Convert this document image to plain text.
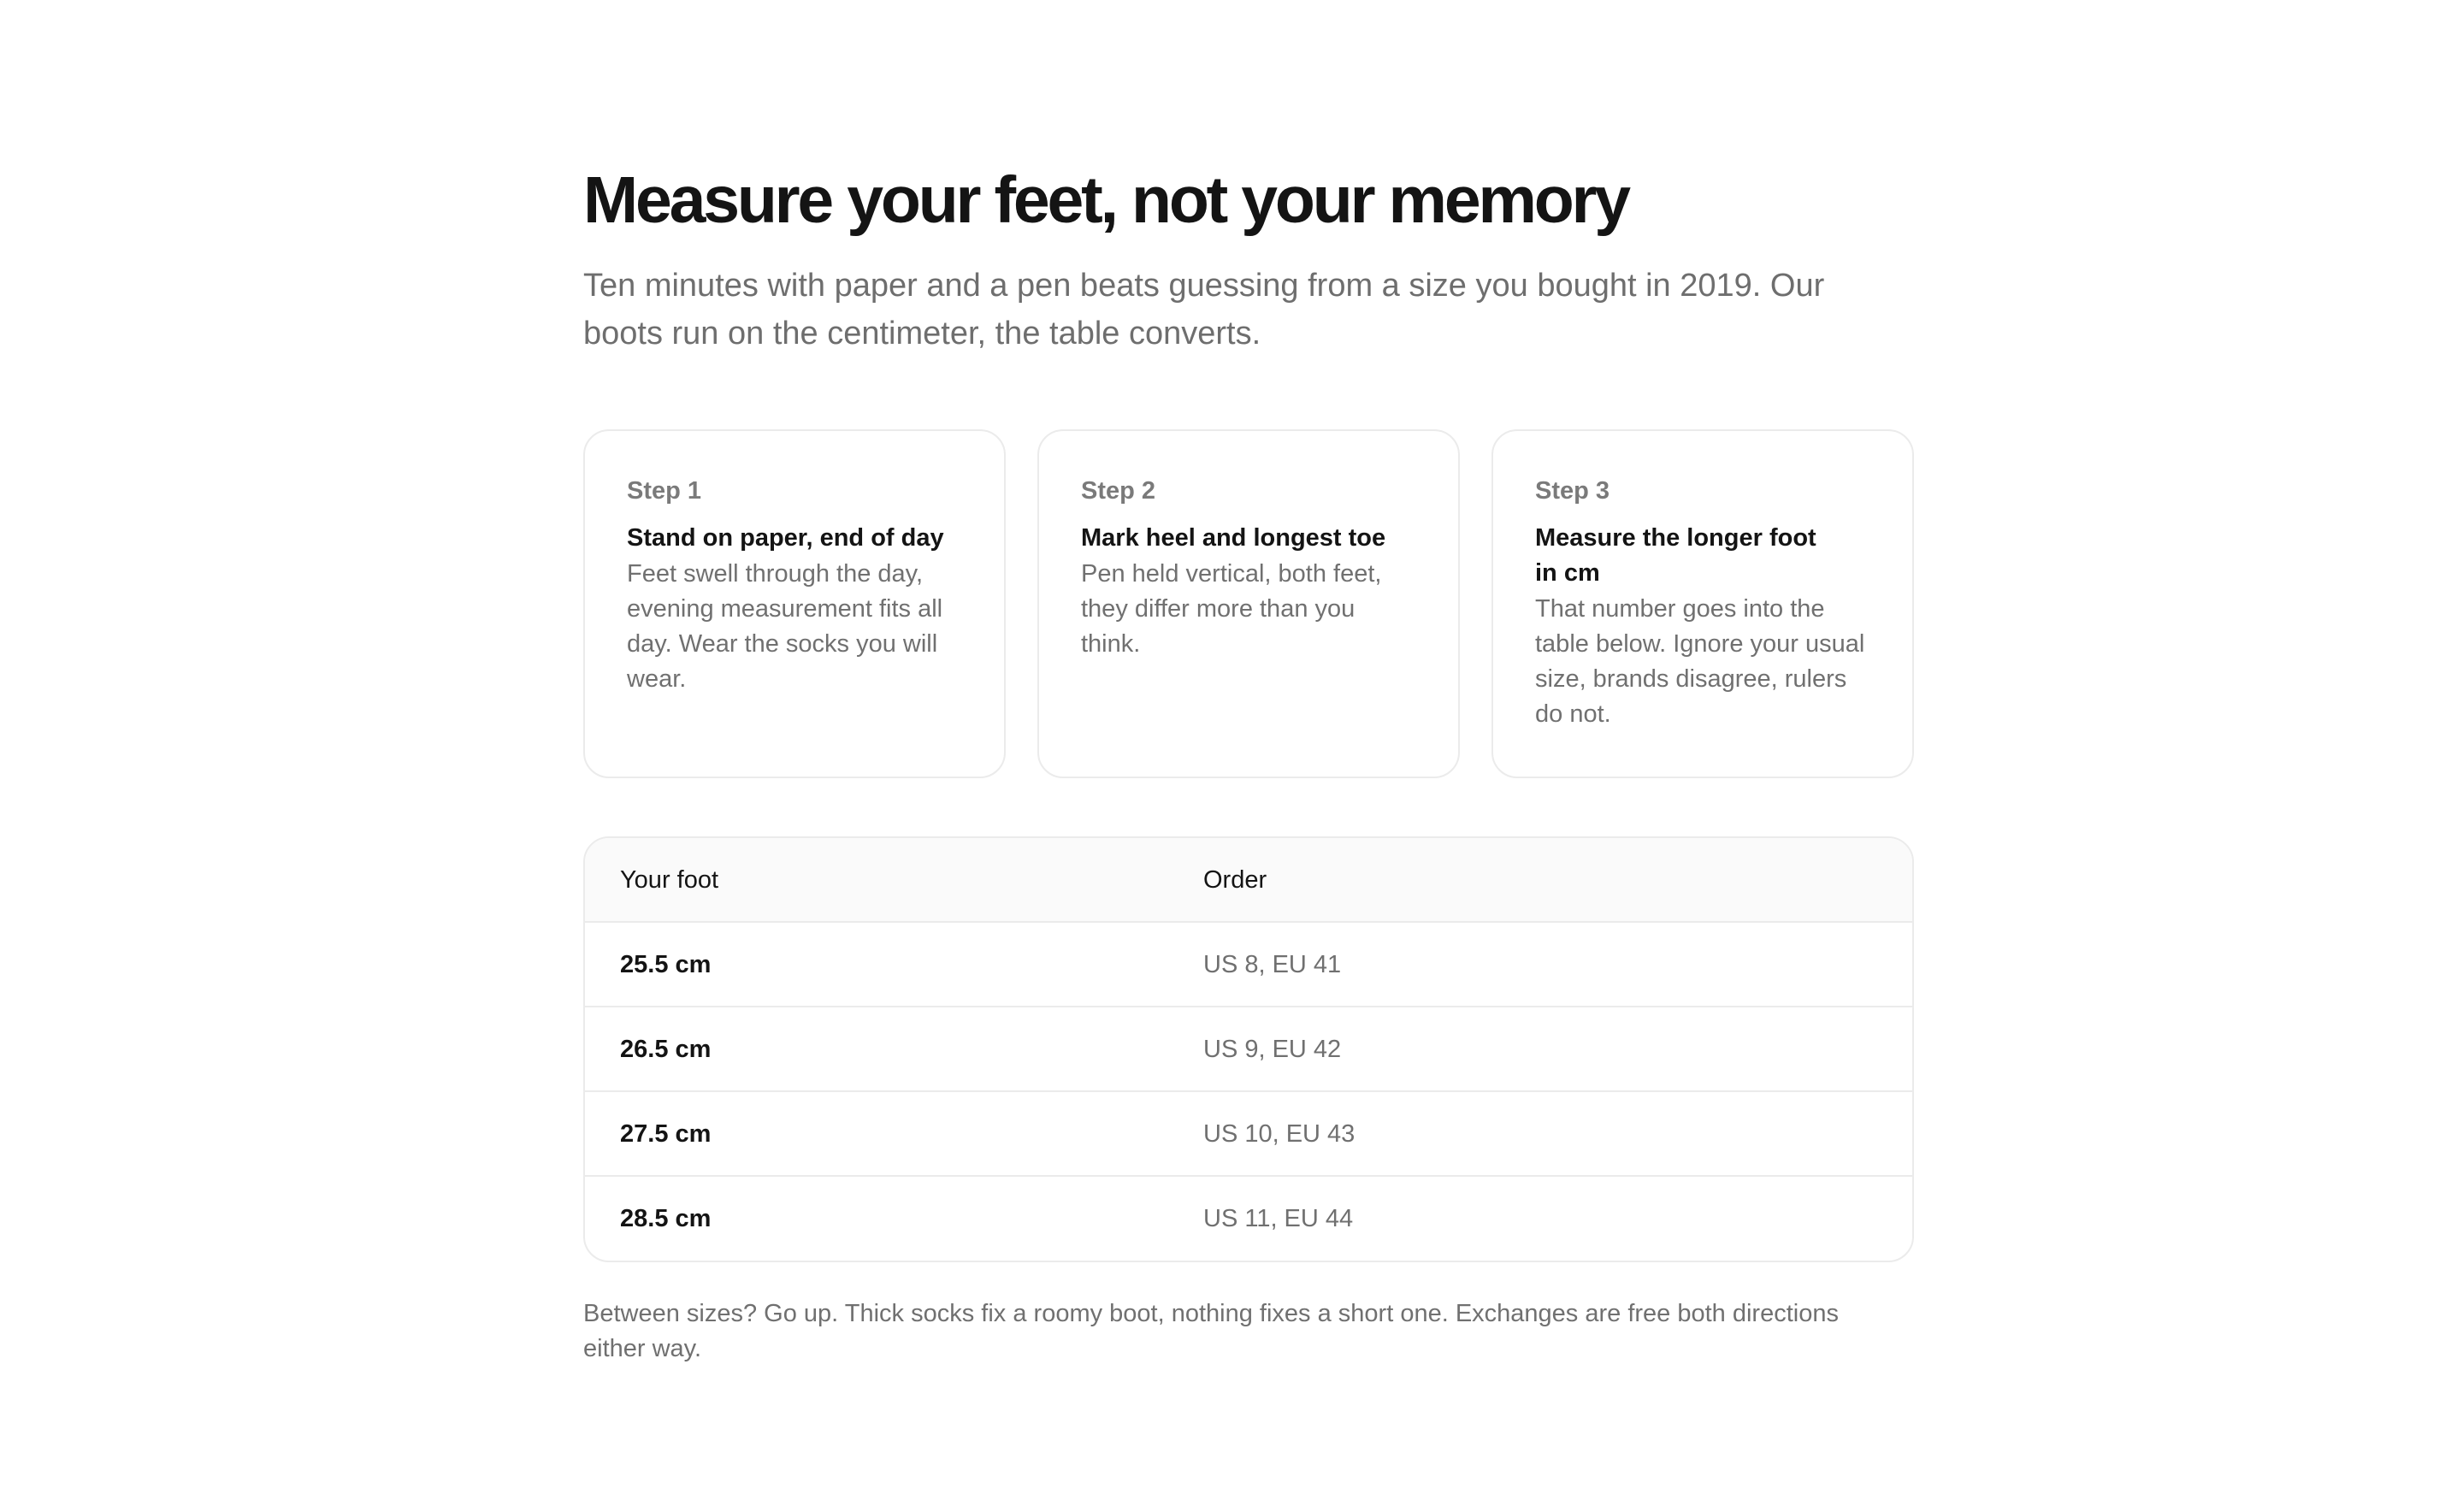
Measure your feet, not your memory

Ten minutes with paper and a pen beats guessing from a size you bought in 2019. Our boots run on the centimeter, the table converts.

Step 1
Stand on paper, end of day

Feet swell through the day, evening measurement fits all day. Wear the socks you will wear.

Step 2
Mark heel and longest toe

Pen held vertical, both feet, they differ more than you think.

Step 3
Measure the longer foot in cm

That number goes into the table below. Ignore your usual size, brands disagree, rulers do not.

Your foot	Order
25.5 cm	US 8, EU 41
26.5 cm	US 9, EU 42
27.5 cm	US 10, EU 43
28.5 cm	US 11, EU 44

Between sizes? Go up. Thick socks fix a roomy boot, nothing fixes a short one. Exchanges are free both directions either way.
